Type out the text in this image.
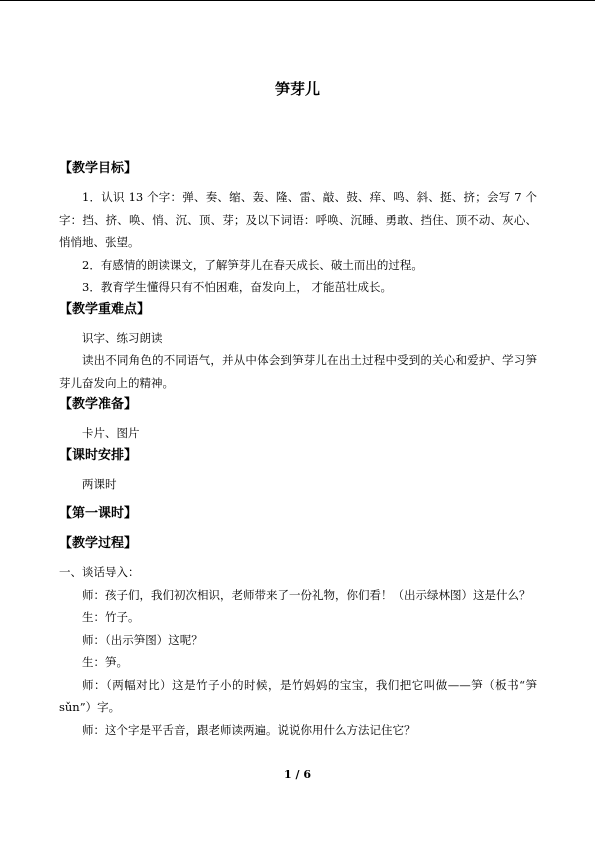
笋芽儿
【教学目标】

1．认识 13 个字：弹、奏、缩、轰、隆、雷、敲、鼓、痒、鸣、斜、挺、挤；会写 7 个字：挡、挤、唤、悄、沉、顶、芽；及以下词语：呼唤、沉睡、勇敢、挡住、顶不动、灰心、悄悄地、张望。

2．有感情的朗读课文，了解笋芽儿在春天成长、破土而出的过程。

3．教育学生懂得只有不怕困难，奋发向上， 才能茁壮成长。

【教学重难点】

识字、练习朗读

读出不同角色的不同语气，并从中体会到笋芽儿在出土过程中受到的关心和爱护、学习笋芽儿奋发向上的精神。

【教学准备】

卡片、图片

【课时安排】

两课时

【第一课时】
【教学过程】

一、谈话导入：

师：孩子们，我们初次相识，老师带来了一份礼物，你们看！（出示绿林图）这是什么？

生：竹子。

师：（出示笋图）这呢？

生：笋。

师：（两幅对比）这是竹子小的时候，是竹妈妈的宝宝，我们把它叫做——笋（板书“笋 sǔn”）字。

师：这个字是平舌音，跟老师读两遍。说说你用什么方法记住它？

1 / 6
